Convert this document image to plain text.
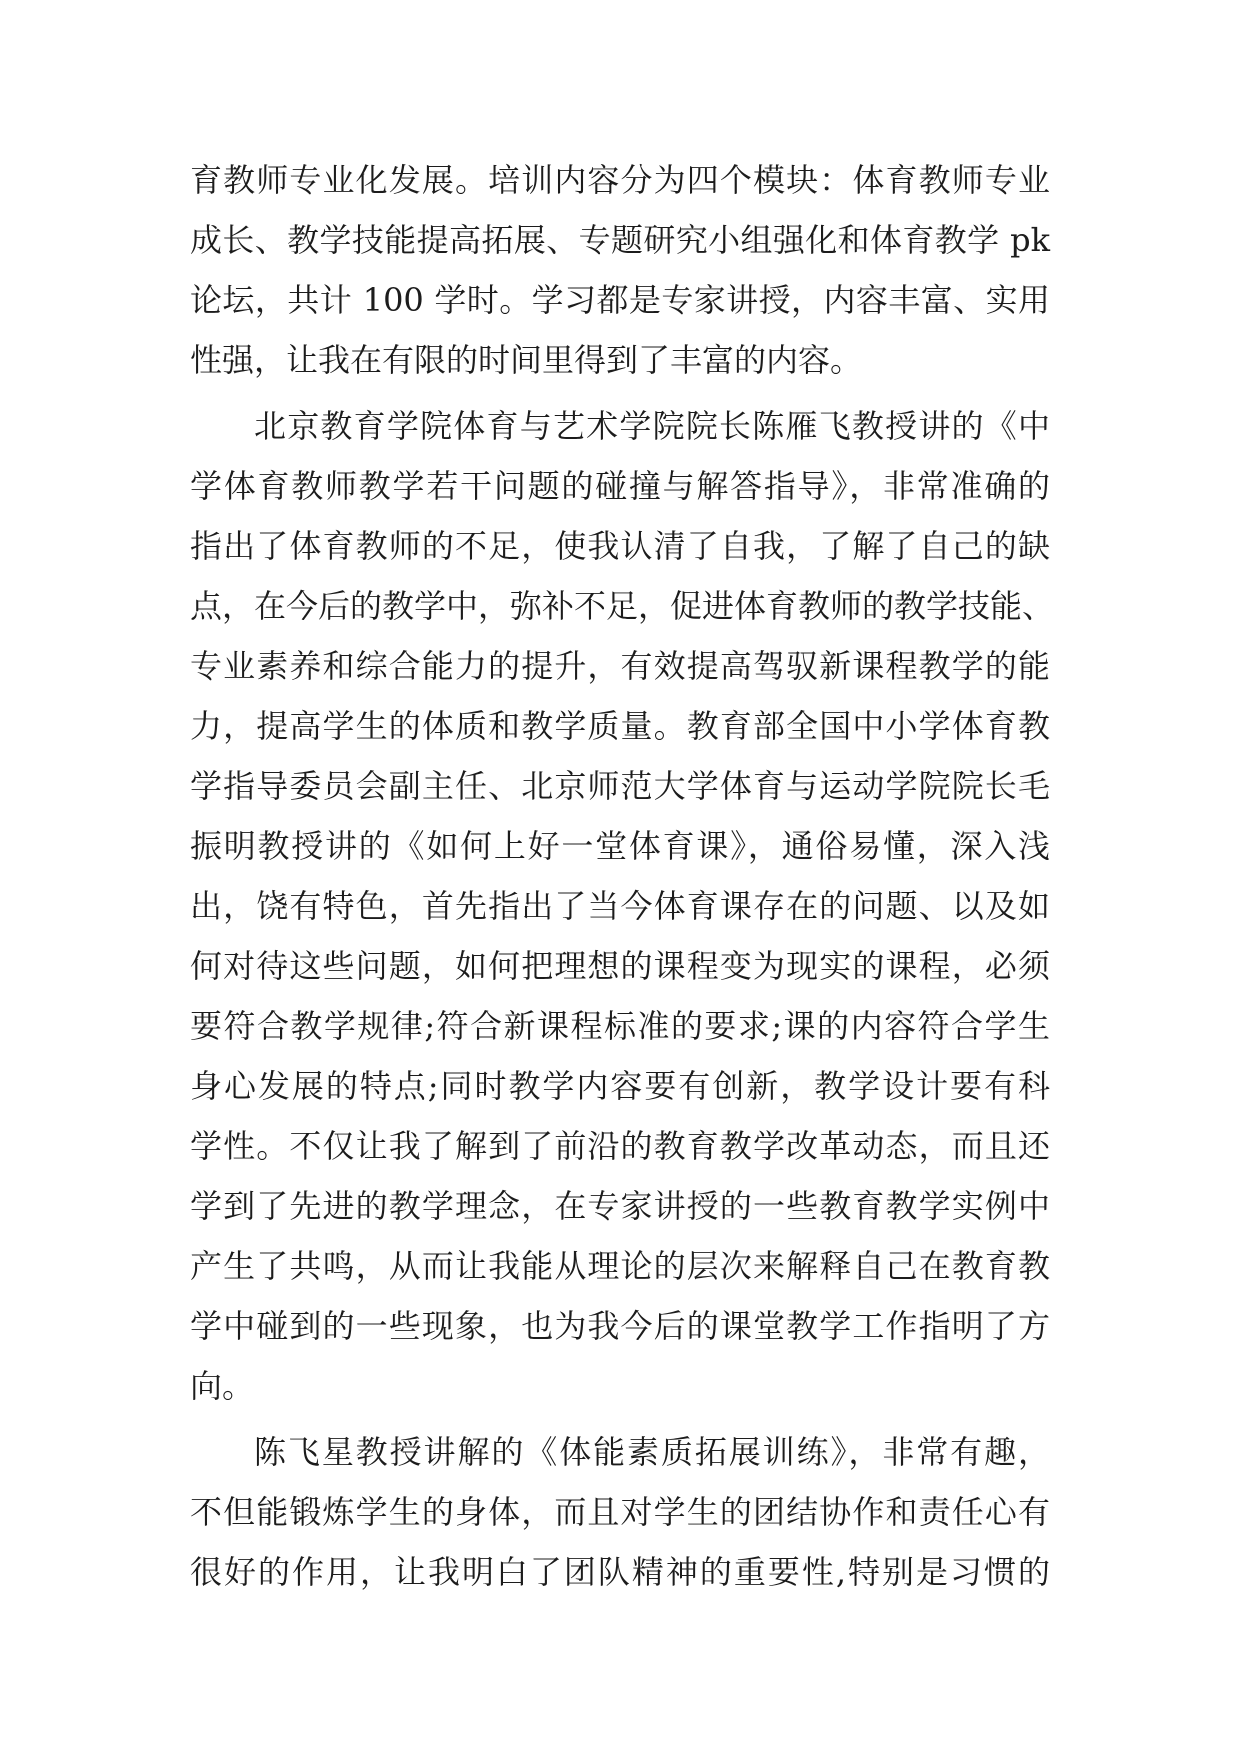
育教师专业化发展。培训内容分为四个模块：体育教师专业
成长、教学技能提高拓展、专题研究小组强化和体育教学 pk
论坛，共计 100 学时。学习都是专家讲授，内容丰富、实用
性强，让我在有限的时间里得到了丰富的内容。
北京教育学院体育与艺术学院院长陈雁飞教授讲的《中
学体育教师教学若干问题的碰撞与解答指导》，非常准确的
指出了体育教师的不足，使我认清了自我，了解了自己的缺
点，在今后的教学中，弥补不足，促进体育教师的教学技能、
专业素养和综合能力的提升，有效提高驾驭新课程教学的能
力，提高学生的体质和教学质量。教育部全国中小学体育教
学指导委员会副主任、北京师范大学体育与运动学院院长毛
振明教授讲的《如何上好一堂体育课》，通俗易懂，深入浅
出，饶有特色，首先指出了当今体育课存在的问题、以及如
何对待这些问题，如何把理想的课程变为现实的课程，必须
要符合教学规律;符合新课程标准的要求;课的内容符合学生
身心发展的特点;同时教学内容要有创新，教学设计要有科
学性。不仅让我了解到了前沿的教育教学改革动态，而且还
学到了先进的教学理念，在专家讲授的一些教育教学实例中
产生了共鸣，从而让我能从理论的层次来解释自己在教育教
学中碰到的一些现象，也为我今后的课堂教学工作指明了方
向。
陈飞星教授讲解的《体能素质拓展训练》，非常有趣，
不但能锻炼学生的身体，而且对学生的团结协作和责任心有
很好的作用，让我明白了团队精神的重要性,特别是习惯的
